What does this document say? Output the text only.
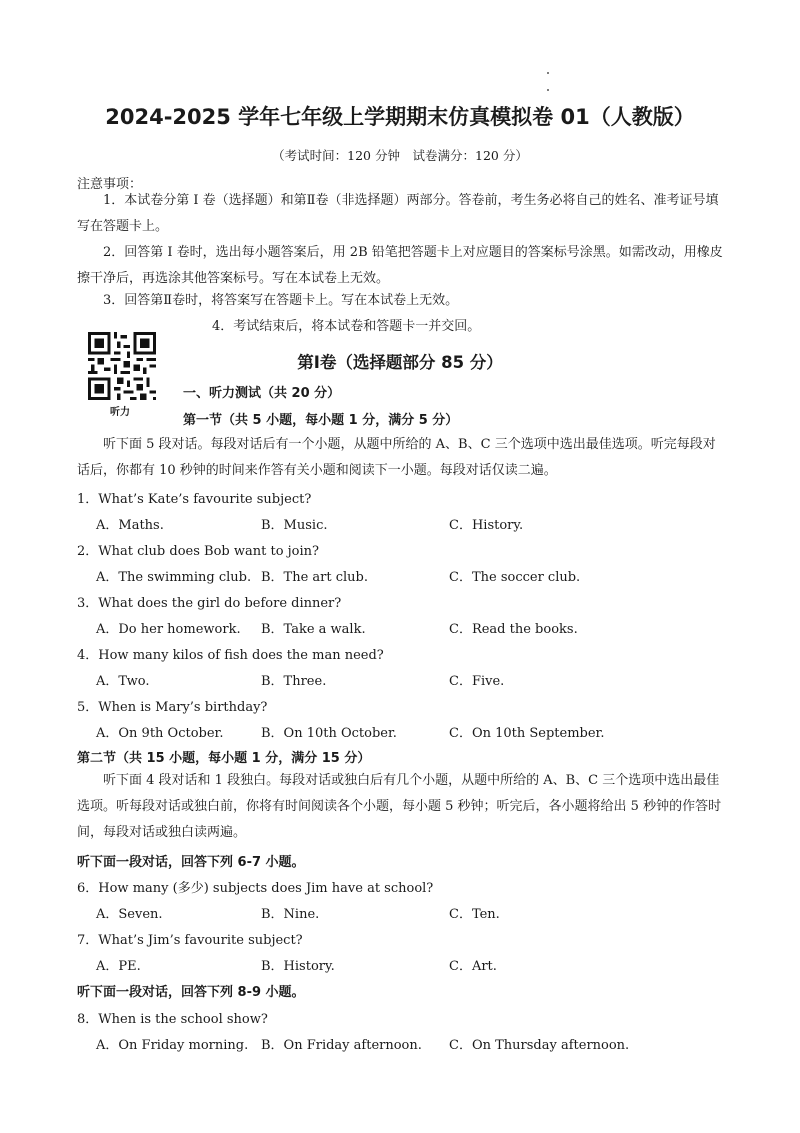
2024-2025 学年七年级上学期期末仿真模拟卷 01（人教版）
（考试时间：120 分钟　试卷满分：120 分）
注意事项：
1．本试卷分第 I 卷（选择题）和第Ⅱ卷（非选择题）两部分。答卷前，考生务必将自己的姓名、准考证号填写在答题卡上。
2．回答第 I 卷时，选出每小题答案后，用 2B 铅笔把答题卡上对应题目的答案标号涂黑。如需改动，用橡皮擦干净后，再选涂其他答案标号。写在本试卷上无效。
3．回答第Ⅱ卷时，将答案写在答题卡上。写在本试卷上无效。
4．考试结束后，将本试卷和答题卡一并交回。
听力
第Ⅰ卷（选择题部分 85 分）
一、听力测试（共 20 分）
第一节（共 5 小题，每小题 1 分，满分 5 分）
听下面 5 段对话。每段对话后有一个小题，从题中所给的 A、B、C 三个选项中选出最佳选项。听完每段对话后，你都有 10 秒钟的时间来作答有关小题和阅读下一小题。每段对话仅读二遍。
1．What’s Kate’s favourite subject?
A．Maths.	B．Music.	C．History.
2．What club does Bob want to join?
A．The swimming club. B．The art club.	C．The soccer club.
3．What does the girl do before dinner?
A．Do her homework. B．Take a walk.	C．Read the books.
4．How many kilos of fish does the man need?
A．Two.	B．Three.	C．Five.
5．When is Mary’s birthday?
A．On 9th October.	B．On 10th October.	C．On 10th September.
第二节（共 15 小题，每小题 1 分，满分 15 分）
听下面 4 段对话和 1 段独白。每段对话或独白后有几个小题，从题中所给的 A、B、C 三个选项中选出最佳选项。听每段对话或独白前，你将有时间阅读各个小题，每小题 5 秒钟；听完后，各小题将给出 5 秒钟的作答时间，每段对话或独白读两遍。
听下面一段对话，回答下列 6-7 小题。
6．How many (多少) subjects does Jim have at school?
A．Seven.	B．Nine.	C．Ten.
7．What’s Jim’s favourite subject?
A．PE.	B．History.	C．Art.
听下面一段对话，回答下列 8-9 小题。
8．When is the school show?
A．On Friday morning. B．On Friday afternoon. C．On Thursday afternoon.
